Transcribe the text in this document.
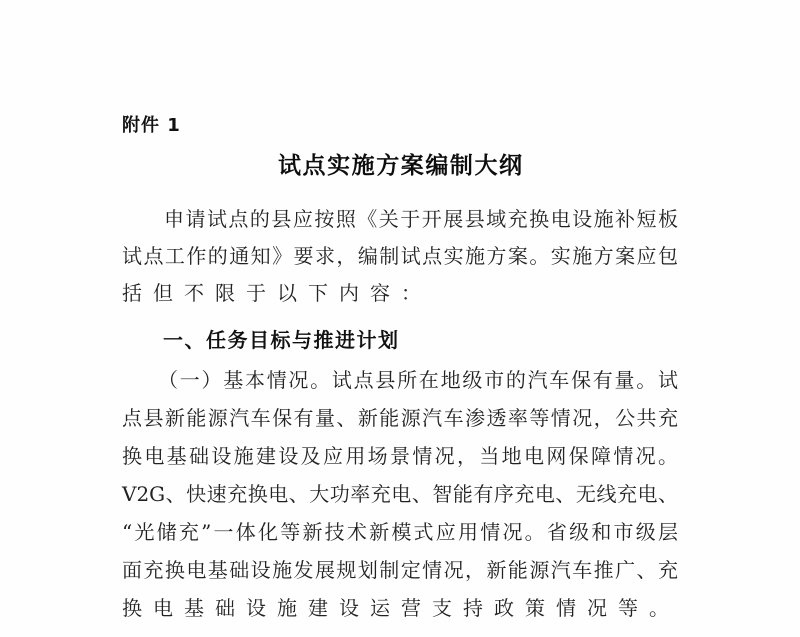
附件 1
试点实施方案编制大纲
申请试点的县应按照《关于开展县域充换电设施补短板
试点工作的通知》要求，编制试点实施方案。实施方案应包
括但不限于以下内容：
一、任务目标与推进计划
（一）基本情况。试点县所在地级市的汽车保有量。试
点县新能源汽车保有量、新能源汽车渗透率等情况，公共充
换电基础设施建设及应用场景情况，当地电网保障情况。
V2G、快速充换电、大功率充电、智能有序充电、无线充电、
“光储充”一体化等新技术新模式应用情况。省级和市级层
面充换电基础设施发展规划制定情况，新能源汽车推广、充
换电基础设施建设运营支持政策情况等。
